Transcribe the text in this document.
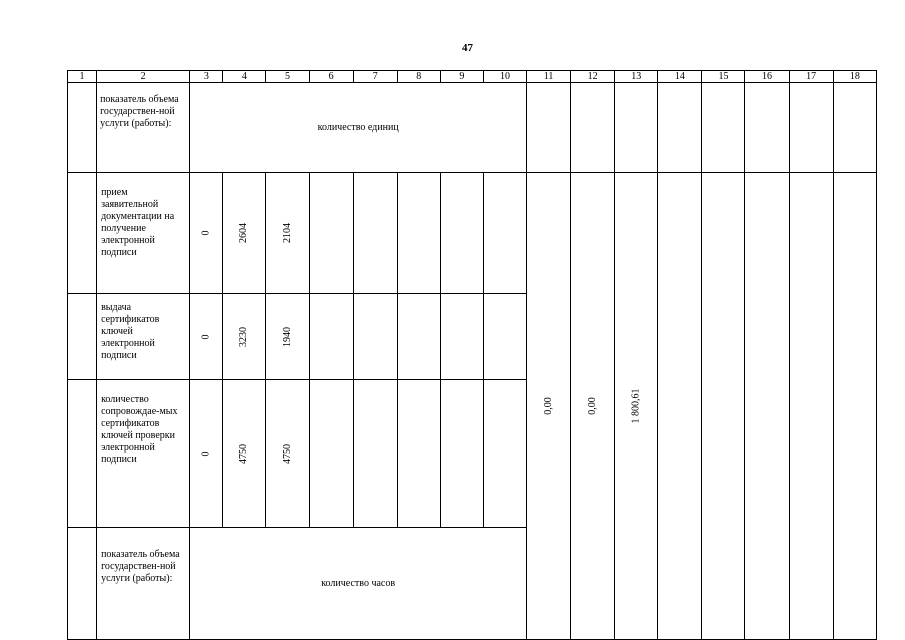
47
1	2	3	4	5	6	7	8	9	10	11	12	13	14	15	16	17	18

	показатель объема государствен-ной услуги (работы):	количество единиц															
	прием заявительной документации на получение электронной подписи	0	2604	2104						0,00	0,00	1 800,61					
	выдача сертификатов ключей электронной подписи	0	3230	1940													
	количество сопровождае-мых сертификатов ключей проверки электронной подписи	0	4750	4750													
	показатель объема государствен-ной услуги (работы):	количество часов															
